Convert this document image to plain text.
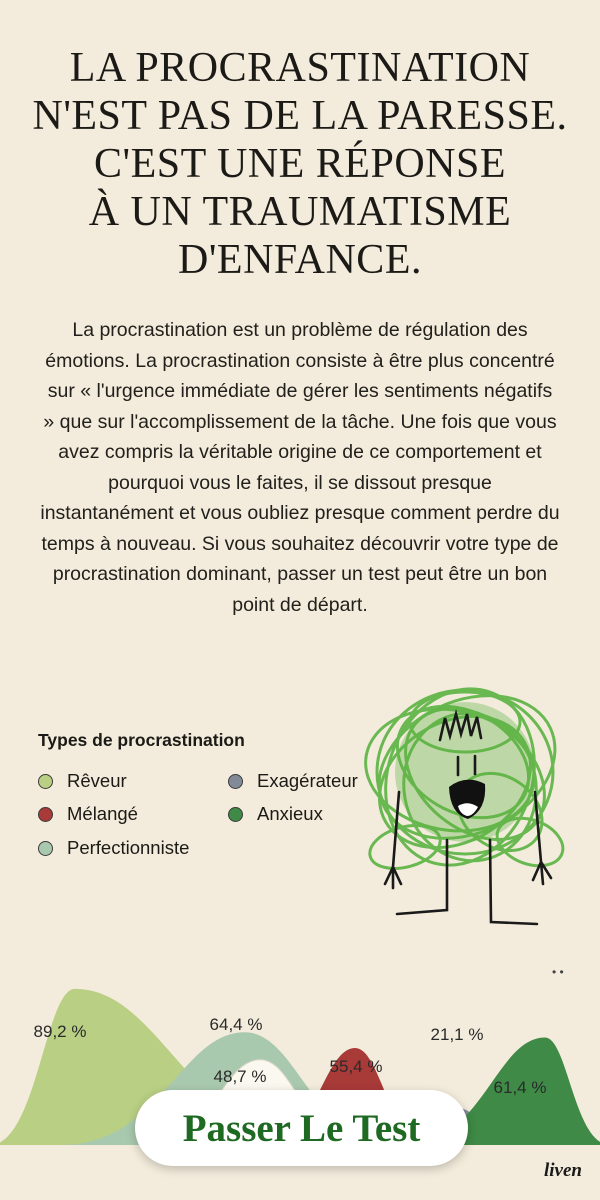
LA PROCRASTINATION
N'EST PAS DE LA PARESSE.
C'EST UNE RÉPONSE
À UN TRAUMATISME
D'ENFANCE.

La procrastination est un problème de régulation des émotions. La procrastination consiste à être plus concentré sur « l'urgence immédiate de gérer les sentiments négatifs » que sur l'accomplissement de la tâche. Une fois que vous avez compris la véritable origine de ce comportement et pourquoi vous le faites, il se dissout presque instantanément et vous oubliez presque comment perdre du temps à nouveau. Si vous souhaitez découvrir votre type de procrastination dominant, passer un test peut être un bon point de départ.

Types de procrastination
Rêveur	Exagérateur
Mélangé	Anxieux
Perfectionniste
89,2 %	64,4 %
48,7 %
55,4 %
21,1 %
61,4 %
• •
Passer Le Test
liven
